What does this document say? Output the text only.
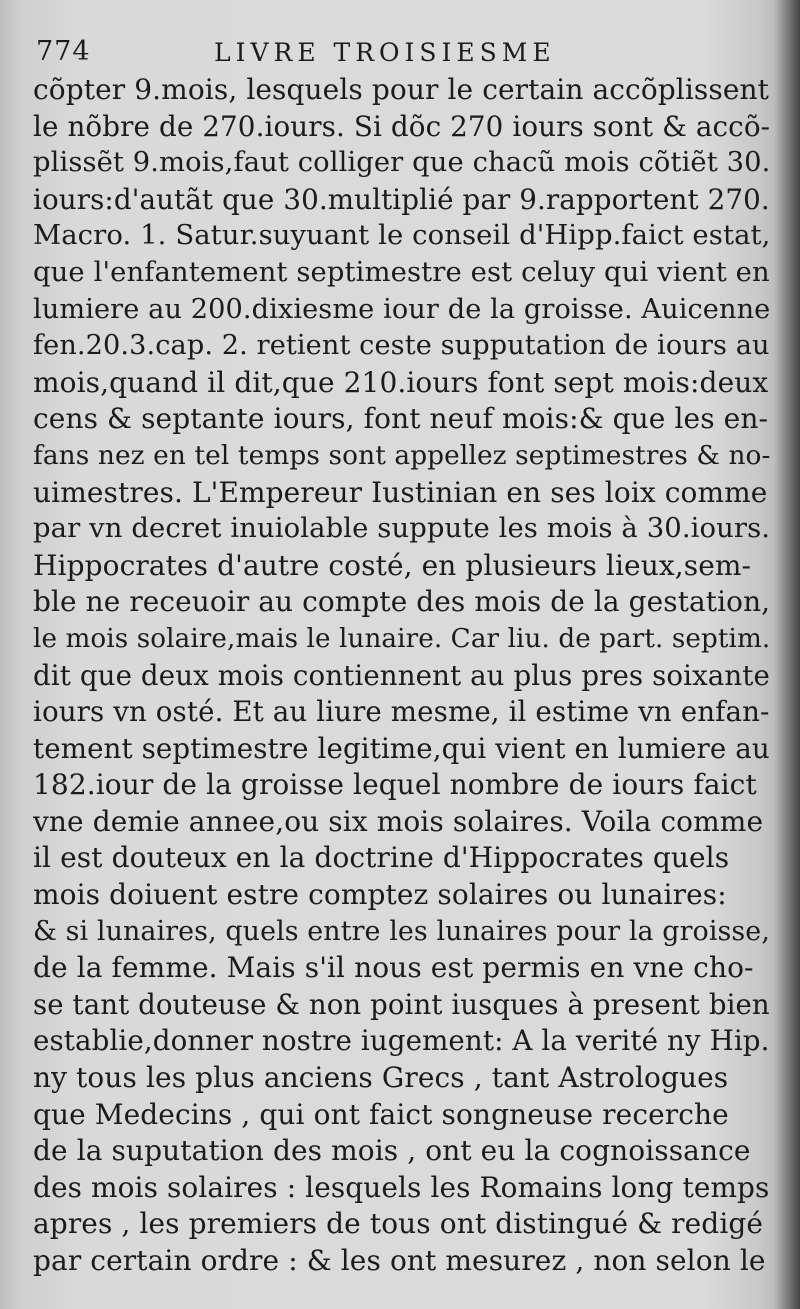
774	LIVRE TROISIESME
cõpter 9.mois, lesquels pour le certain accõplissent
le nõbre de 270.iours. Si dõc 270 iours sont & accõ-
plissẽt 9.mois,faut colliger que chacũ mois cõtiẽt 30.
iours:d'autãt que 30.multiplié par 9.rapportent 270.
Macro. 1. Satur.suyuant le conseil d'Hipp.faict estat,
que l'enfantement septimestre est celuy qui vient en
lumiere au 200.dixiesme iour de la groisse. Auicenne
fen.20.3.cap. 2. retient ceste supputation de iours au
mois,quand il dit,que 210.iours font sept mois:deux
cens & septante iours, font neuf mois:& que les en-
fans nez en tel temps sont appellez septimestres & no-
uimestres. L'Empereur Iustinian en ses loix comme
par vn decret inuiolable suppute les mois à 30.iours.
Hippocrates d'autre costé, en plusieurs lieux,sem-
ble ne receuoir au compte des mois de la gestation,
le mois solaire,mais le lunaire. Car liu. de part. septim.
dit que deux mois contiennent au plus pres soixante
iours vn osté. Et au liure mesme, il estime vn enfan-
tement septimestre legitime,qui vient en lumiere au
182.iour de la groisse lequel nombre de iours faict
vne demie annee,ou six mois solaires. Voila comme
il est douteux en la doctrine d'Hippocrates quels
mois doiuent estre comptez solaires ou lunaires:
& si lunaires, quels entre les lunaires pour la groisse,
de la femme. Mais s'il nous est permis en vne cho-
se tant douteuse & non point iusques à present bien
establie,donner nostre iugement: A la verité ny Hip.
ny tous les plus anciens Grecs , tant Astrologues
que Medecins , qui ont faict songneuse recerche
de la suputation des mois , ont eu la cognoissance
des mois solaires : lesquels les Romains long temps
apres , les premiers de tous ont distingué & redigé
par certain ordre : & les ont mesurez , non selon le
